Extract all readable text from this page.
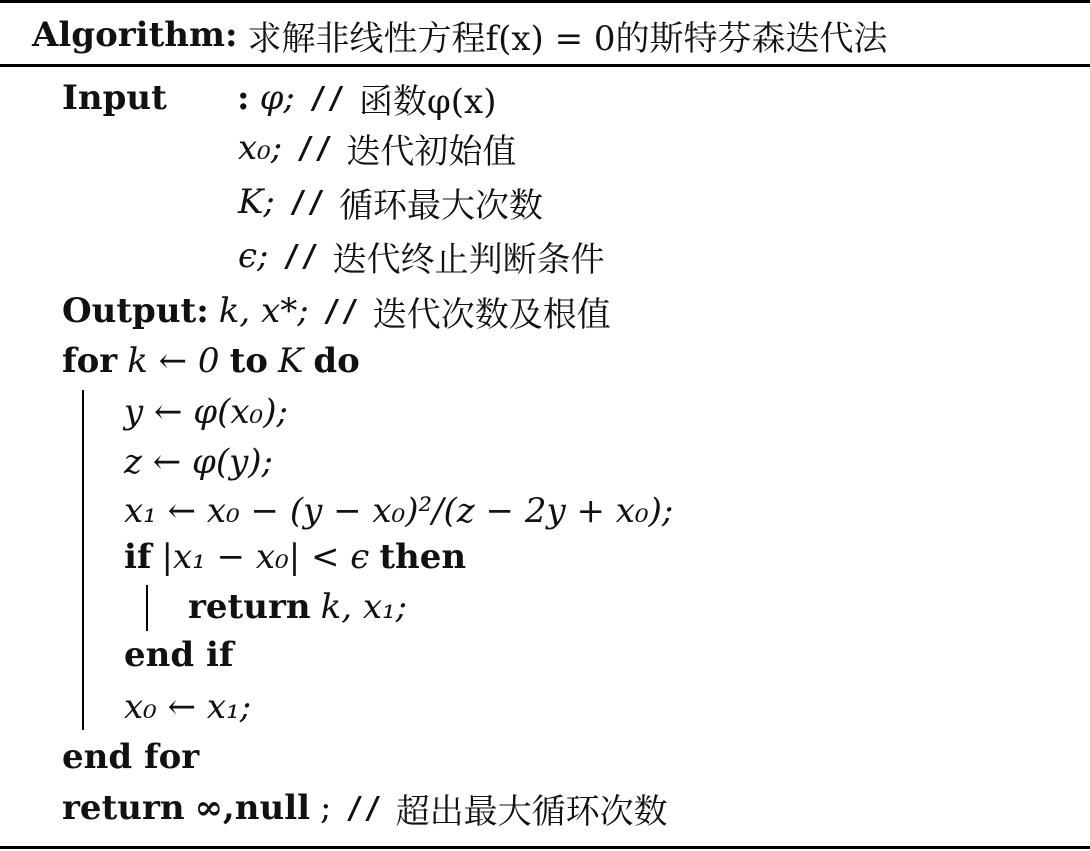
Algorithm: 求解非线性方程f(x) = 0的斯特芬森迭代法
Input	: φ; // 函数φ(x)
x₀; // 迭代初始值
K; // 循环最大次数
ϵ; // 迭代终止判断条件
Output: k, x*; // 迭代次数及根值
for k ← 0 to K do
y ← φ(x₀);
z ← φ(y);
x₁ ← x₀ − (y − x₀)²/(z − 2y + x₀);
if |x₁ − x₀| < ϵ then
return k, x₁;
end if
x₀ ← x₁;
end for
return ∞,null ; // 超出最大循环次数
